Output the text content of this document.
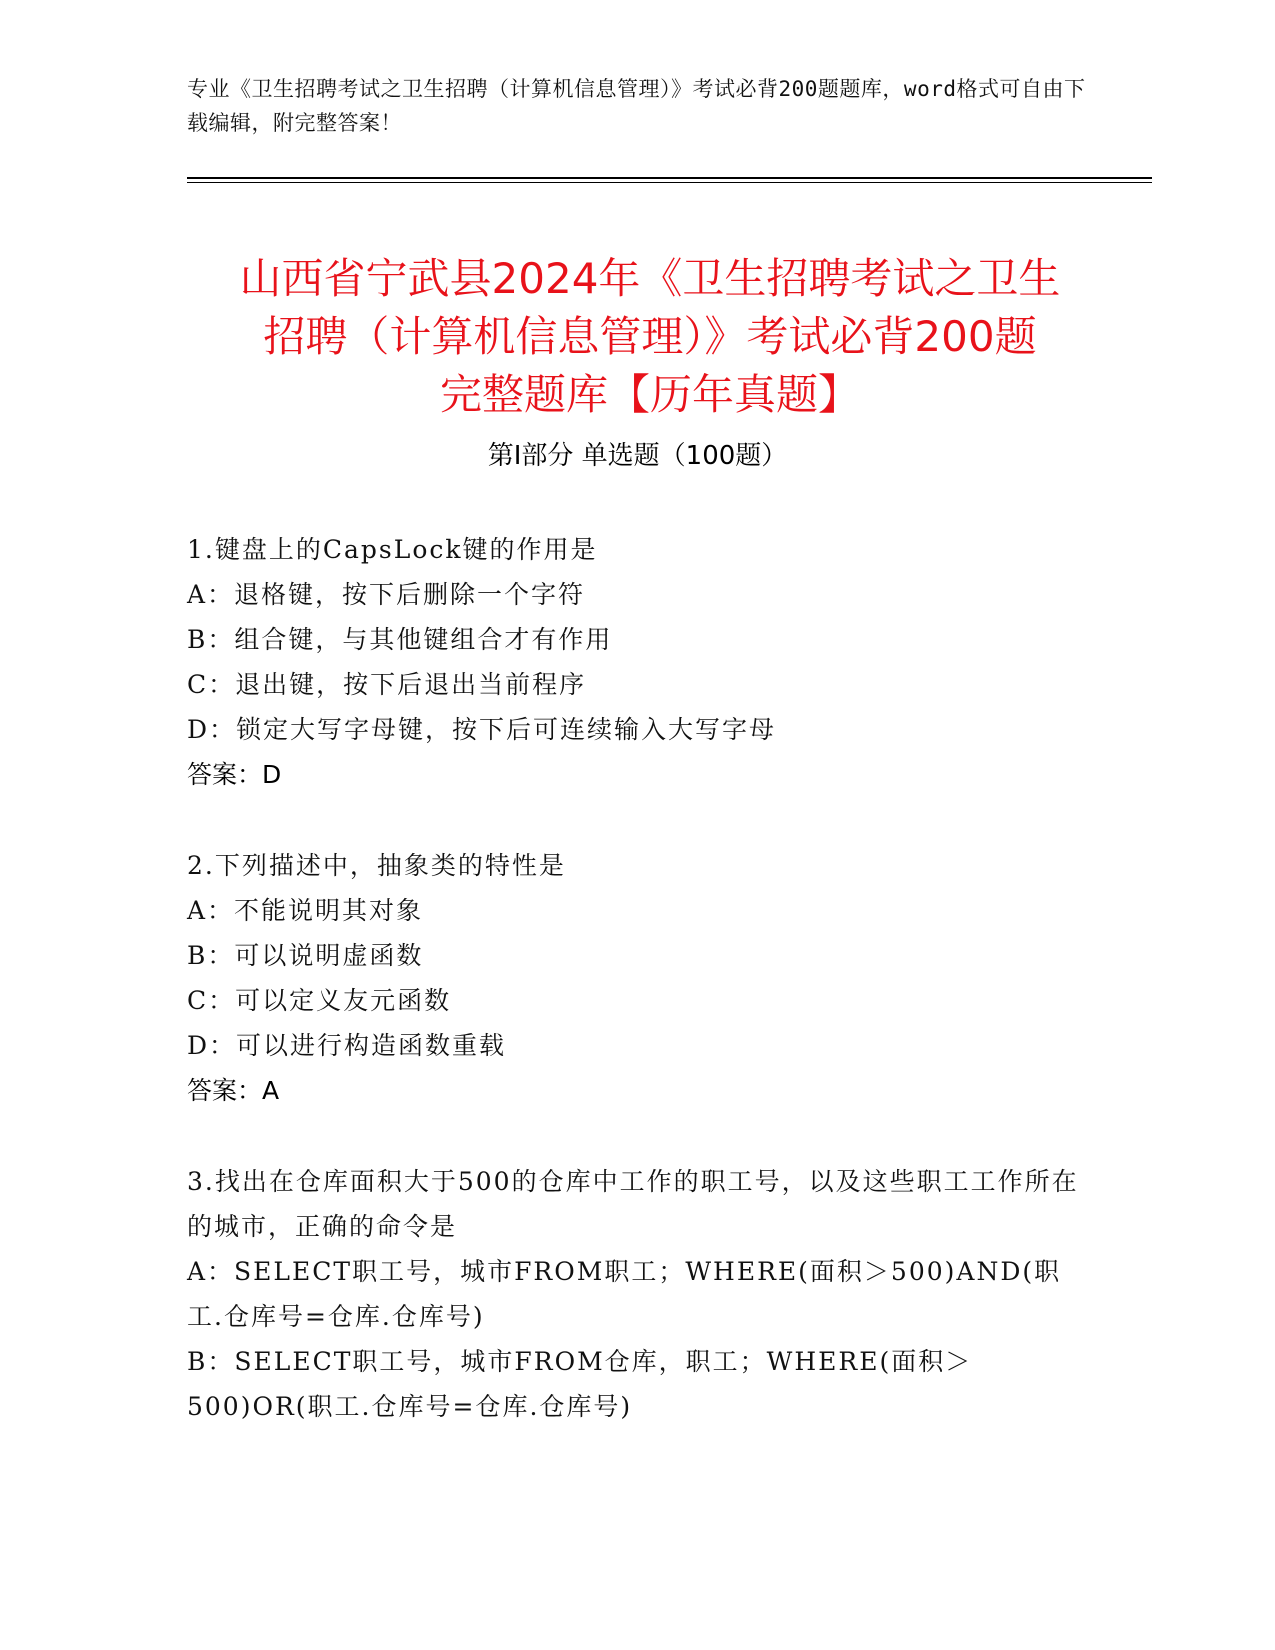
专业《卫生招聘考试之卫生招聘（计算机信息管理）》考试必背200题题库，word格式可自由下载编辑，附完整答案！
山西省宁武县2024年《卫生招聘考试之卫生
招聘（计算机信息管理）》考试必背200题
完整题库【历年真题】
第Ⅰ部分 单选题（100题）
1.键盘上的CapsLock键的作用是
A：退格键，按下后删除一个字符
B：组合键，与其他键组合才有作用
C：退出键，按下后退出当前程序
D：锁定大写字母键，按下后可连续输入大写字母
答案：D
2.下列描述中，抽象类的特性是
A：不能说明其对象
B：可以说明虚函数
C：可以定义友元函数
D：可以进行构造函数重载
答案：A
3.找出在仓库面积大于500的仓库中工作的职工号，以及这些职工工作所在的城市，正确的命令是
A：SELECT职工号，城市FROM职工；WHERE(面积＞500)AND(职工.仓库号=仓库.仓库号)
B：SELECT职工号，城市FROM仓库，职工；WHERE(面积＞500)OR(职工.仓库号=仓库.仓库号)
